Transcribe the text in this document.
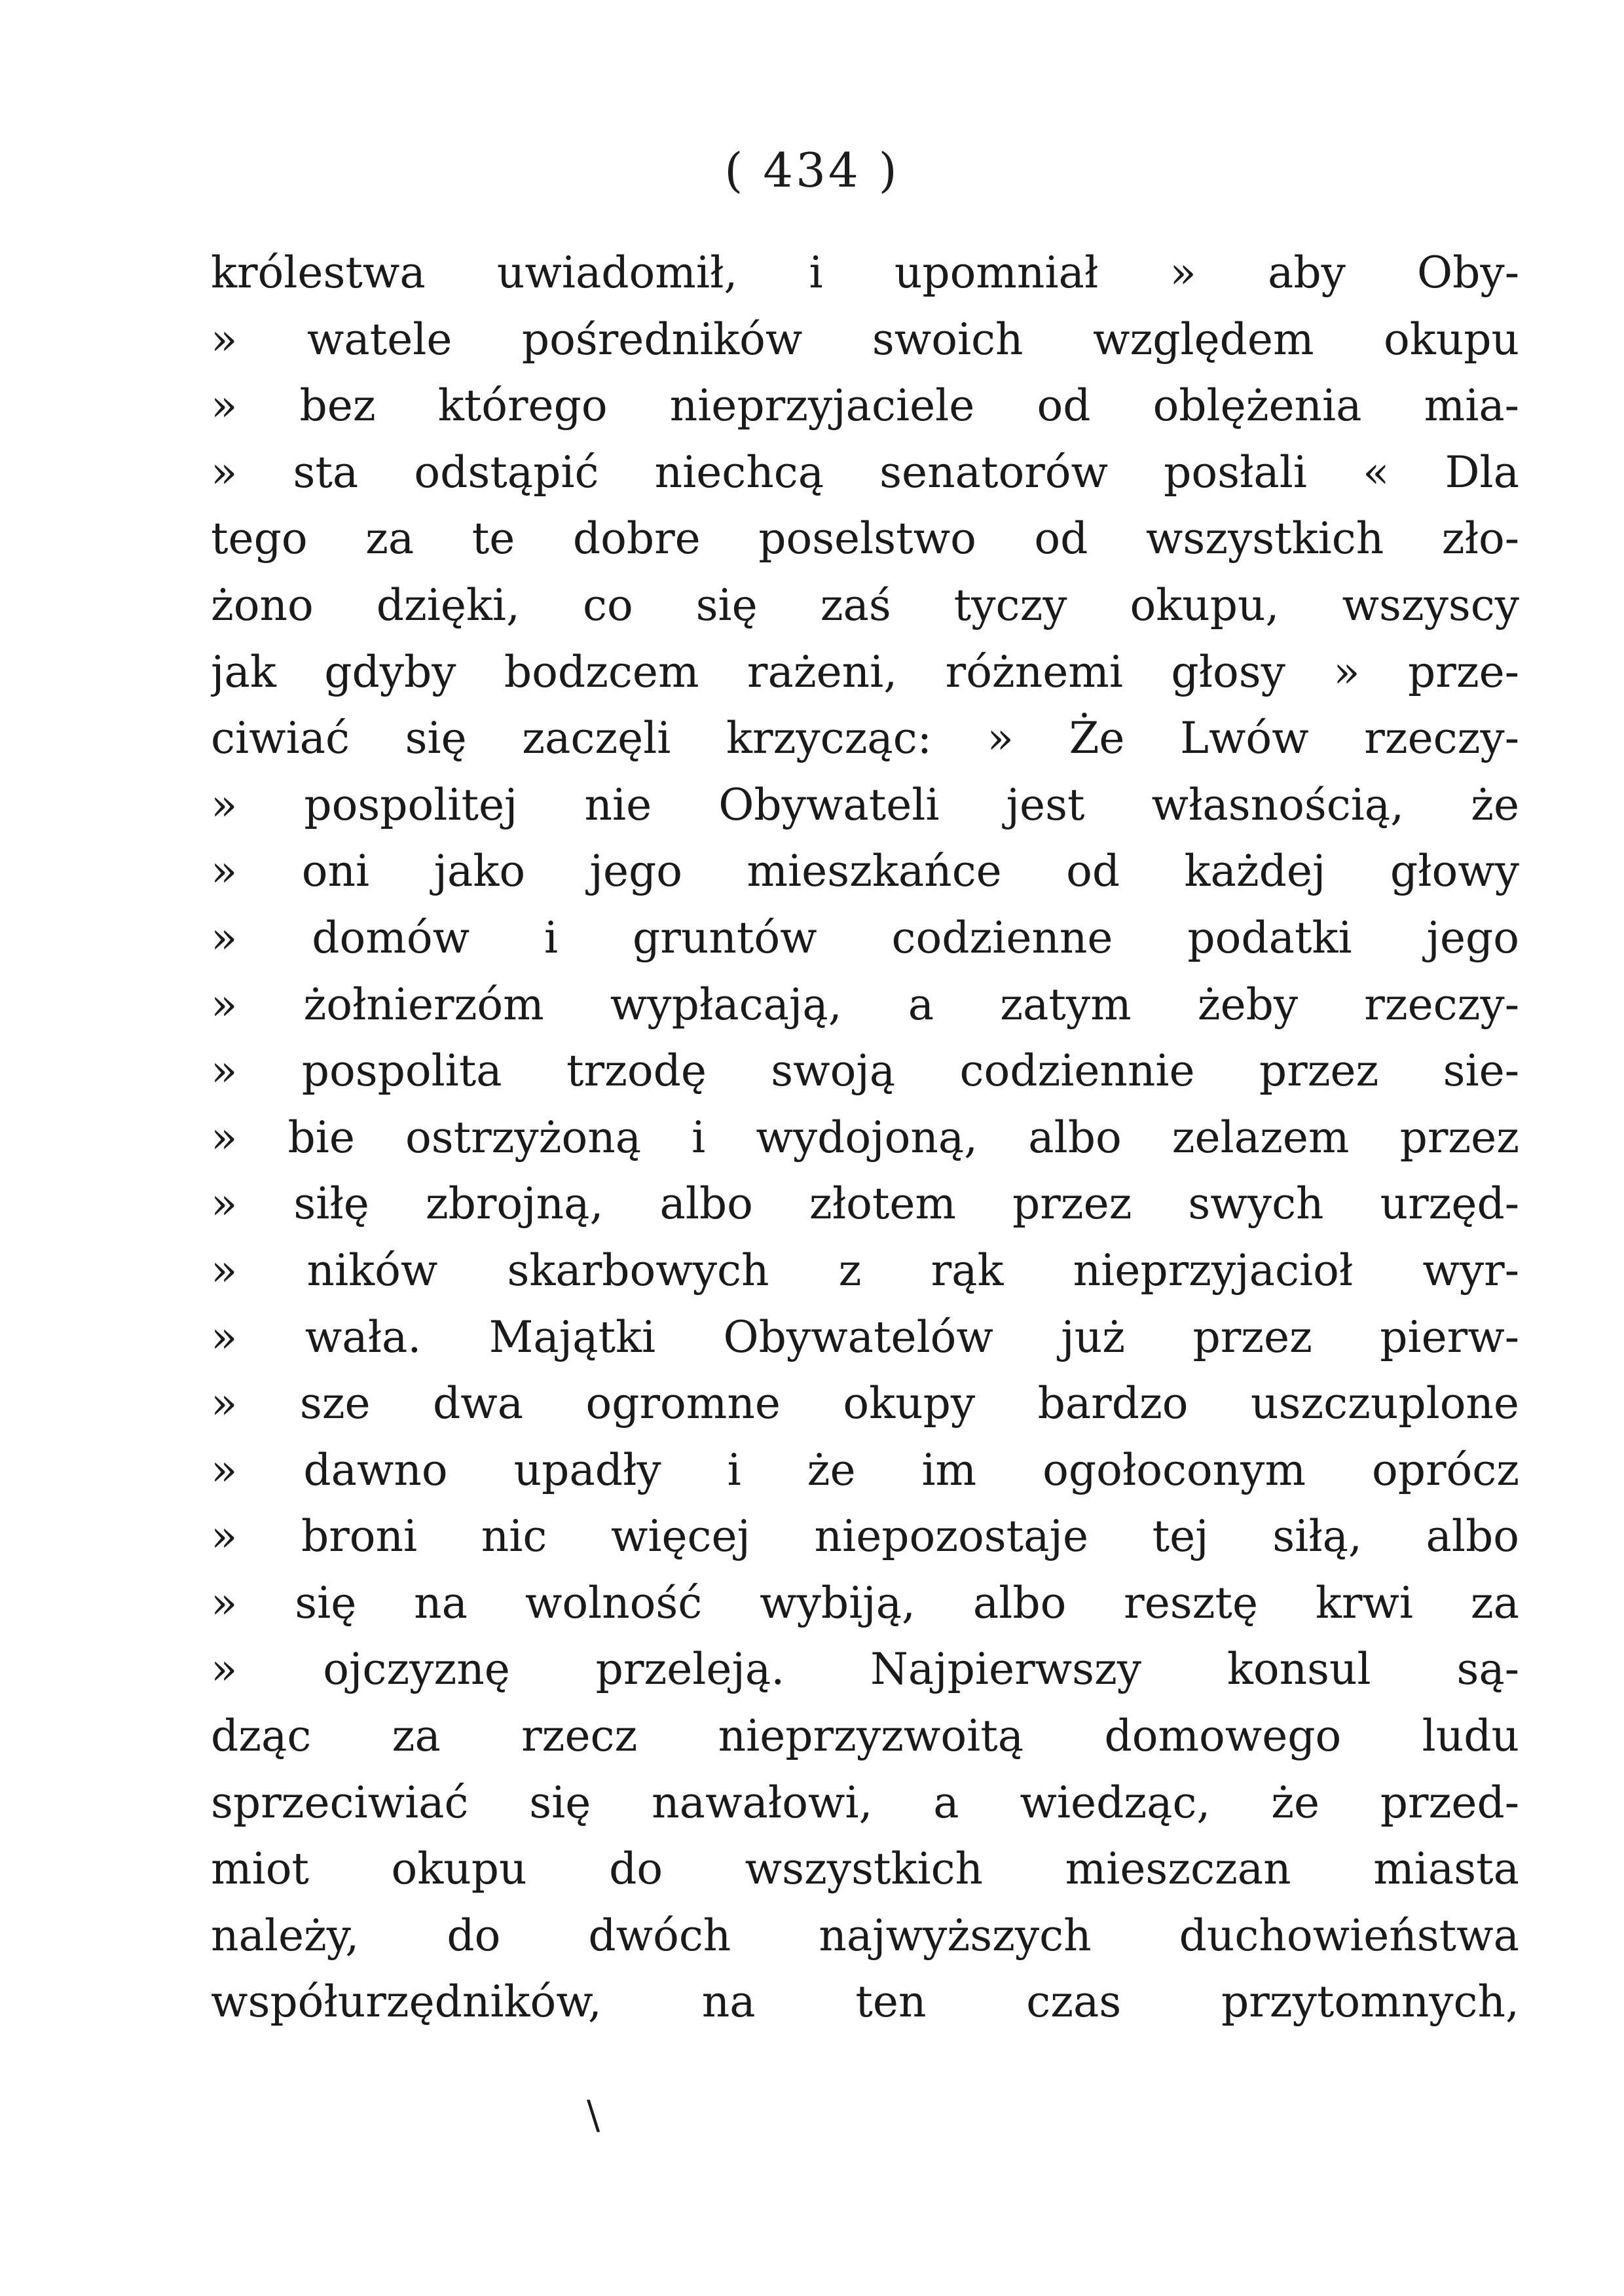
( 434 )
królestwa uwiadomił, i upomniał » aby Oby-
» watele pośredników swoich względem okupu
» bez którego nieprzyjaciele od oblężenia mia-
» sta odstąpić niechcą senatorów posłali « Dla
tego za te dobre poselstwo od wszystkich zło-
żono dzięki, co się zaś tyczy okupu, wszyscy
jak gdyby bodzcem rażeni, różnemi głosy » prze-
ciwiać się zaczęli krzycząc: » Że Lwów rzeczy-
» pospolitej nie Obywateli jest własnością, że
» oni jako jego mieszkańce od każdej głowy
» domów i gruntów codzienne podatki jego
» żołnierzóm wypłacają, a zatym żeby rzeczy-
» pospolita trzodę swoją codziennie przez sie-
» bie ostrzyżoną i wydojoną, albo zelazem przez
» siłę zbrojną, albo złotem przez swych urzęd-
» ników skarbowych z rąk nieprzyjacioł wyr-
» wała. Majątki Obywatelów już przez pierw-
» sze dwa ogromne okupy bardzo uszczuplone
» dawno upadły i że im ogołoconym oprócz
» broni nic więcej niepozostaje tej siłą, albo
» się na wolność wybiją, albo resztę krwi za
» ojczyznę przeleją. Najpierwszy konsul są-
dząc za rzecz nieprzyzwoitą domowego ludu
sprzeciwiać się nawałowi, a wiedząc, że przed-
miot okupu do wszystkich mieszczan miasta
należy, do dwóch najwyższych duchowieństwa
współurzędników, na ten czas przytomnych,
\
